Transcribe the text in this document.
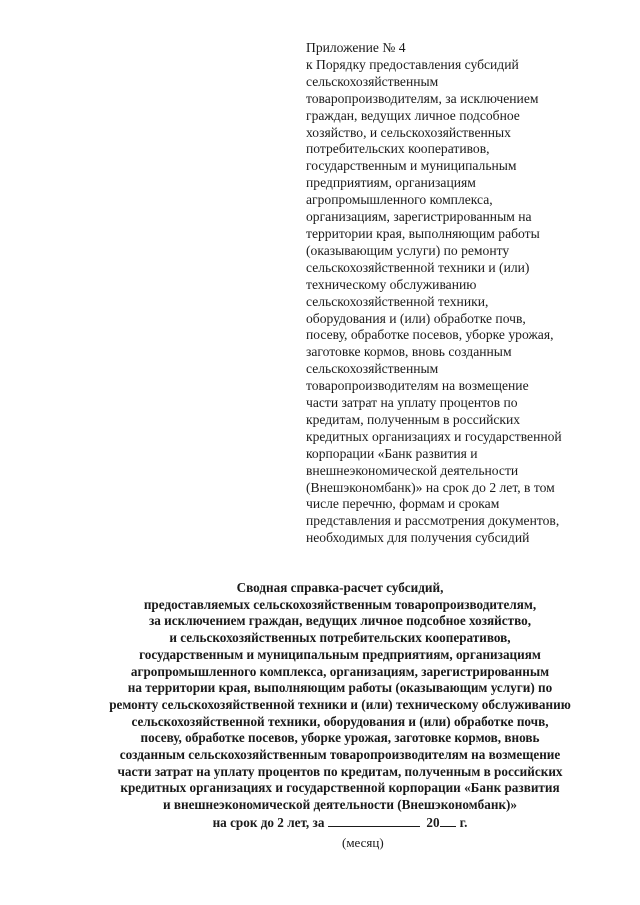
Приложение № 4
к Порядку предоставления субсидий
сельскохозяйственным
товаропроизводителям, за исключением
граждан, ведущих личное подсобное
хозяйство, и сельскохозяйственных
потребительских кооперативов,
государственным и муниципальным
предприятиям, организациям
агропромышленного комплекса,
организациям, зарегистрированным на
территории края, выполняющим работы
(оказывающим услуги) по ремонту
сельскохозяйственной техники и (или)
техническому обслуживанию
сельскохозяйственной техники,
оборудования и (или) обработке почв,
посеву, обработке посевов, уборке урожая,
заготовке кормов, вновь созданным
сельскохозяйственным
товаропроизводителям на возмещение
части затрат на уплату процентов по
кредитам, полученным в российских
кредитных организациях и государственной
корпорации «Банк развития и
внешнеэкономической деятельности
(Внешэкономбанк)» на срок до 2 лет, в том
числе перечню, формам и срокам
представления и рассмотрения документов,
необходимых для получения субсидий
Сводная справка-расчет субсидий,
предоставляемых сельскохозяйственным товаропроизводителям,
за исключением граждан, ведущих личное подсобное хозяйство,
и сельскохозяйственных потребительских кооперативов,
государственным и муниципальным предприятиям, организациям
агропромышленного комплекса, организациям, зарегистрированным
на территории края, выполняющим работы (оказывающим услуги) по
ремонту сельскохозяйственной техники и (или) техническому обслуживанию
сельскохозяйственной техники, оборудования и (или) обработке почв,
посеву, обработке посевов, уборке урожая, заготовке кормов, вновь
созданным сельскохозяйственным товаропроизводителям на возмещение
части затрат на уплату процентов по кредитам, полученным в российских
кредитных организациях и государственной корпорации «Банк развития
и внешнеэкономической деятельности (Внешэкономбанк)»
на срок до 2 лет, за	20 г.
(месяц)
